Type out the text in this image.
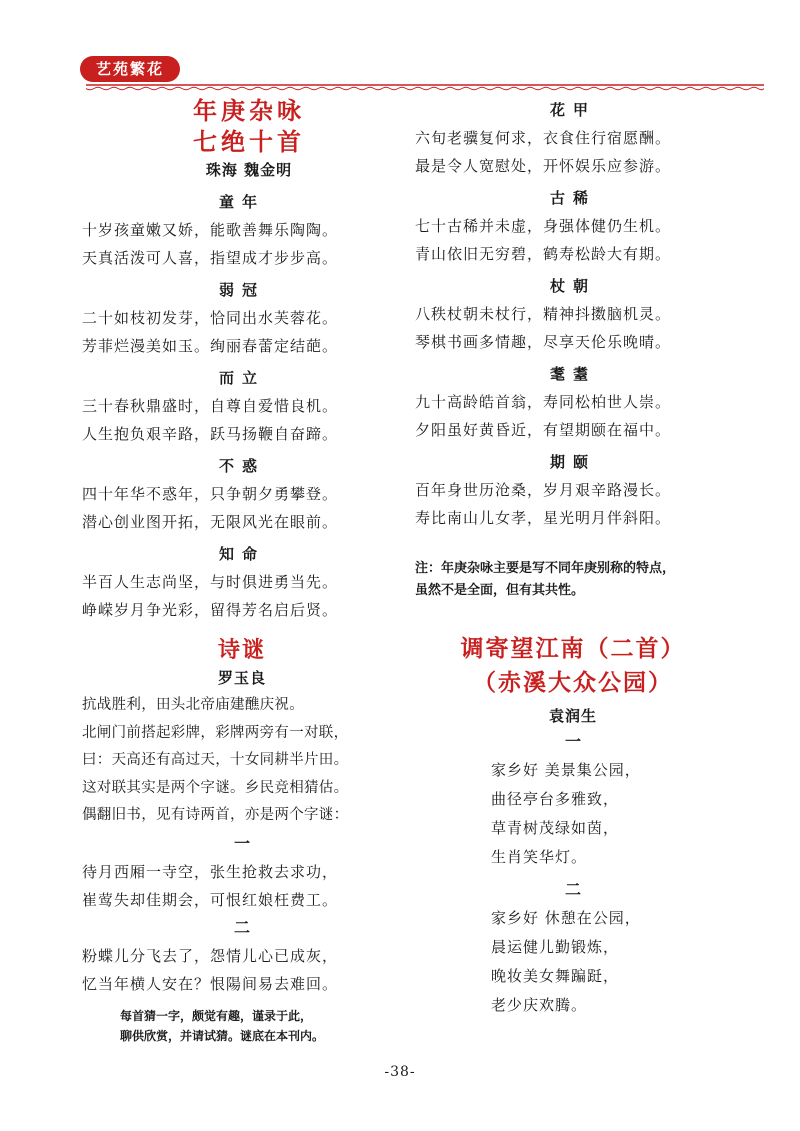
艺苑繁花
年庚杂咏
七绝十首
珠海 魏金明
童年
十岁孩童嫩又娇，能歌善舞乐陶陶。
天真活泼可人喜，指望成才步步高。
弱冠
二十如枝初发芽，恰同出水芙蓉花。
芳菲烂漫美如玉。绚丽春蕾定结葩。
而立
三十春秋鼎盛时，自尊自爱惜良机。
人生抱负艰辛路，跃马扬鞭自奋蹄。
不惑
四十年华不惑年，只争朝夕勇攀登。
潜心创业图开拓，无限风光在眼前。
知命
半百人生志尚坚，与时俱进勇当先。
峥嵘岁月争光彩，留得芳名启后贤。
诗谜
罗玉良
抗战胜利，田头北帝庙建醮庆祝。
北闸门前搭起彩牌，彩牌两旁有一对联，
曰：天高还有高过天，十女同耕半片田。
这对联其实是两个字谜。乡民竞相猜估。
偶翻旧书，见有诗两首，亦是两个字谜：
一
待月西厢一寺空，张生抢救去求功，
崔莺失却佳期会，可恨红娘枉费工。
二
粉蝶儿分飞去了，怨情儿心已成灰，
忆当年横人安在？恨陽间易去难回。
每首猜一字，颇觉有趣，谨录于此，
聊供欣赏，并请试猜。谜底在本刊内。
花甲
六旬老骥复何求，衣食住行宿愿酬。
最是令人宽慰处，开怀娱乐应参游。
古稀
七十古稀并未虚，身强体健仍生机。
青山依旧无穷碧，鹤寿松龄大有期。
杖朝
八秩杖朝未杖行，精神抖擞脑机灵。
琴棋书画多情趣，尽享天伦乐晚晴。
耄耋
九十高龄皓首翁，寿同松柏世人崇。
夕阳虽好黄昏近，有望期颐在福中。
期颐
百年身世历沧桑，岁月艰辛路漫长。
寿比南山儿女孝，星光明月伴斜阳。
注：年庚杂咏主要是写不同年庚别称的特点，
虽然不是全面，但有其共性。
调寄望江南（二首）
（赤溪大众公园）
袁润生
一
家乡好 美景集公园，
曲径亭台多雅致，
草青树茂绿如茵，
生肖笑华灯。
二
家乡好 休憩在公园，
晨运健儿勤锻炼，
晚妆美女舞蹁跹，
老少庆欢腾。
-38-
